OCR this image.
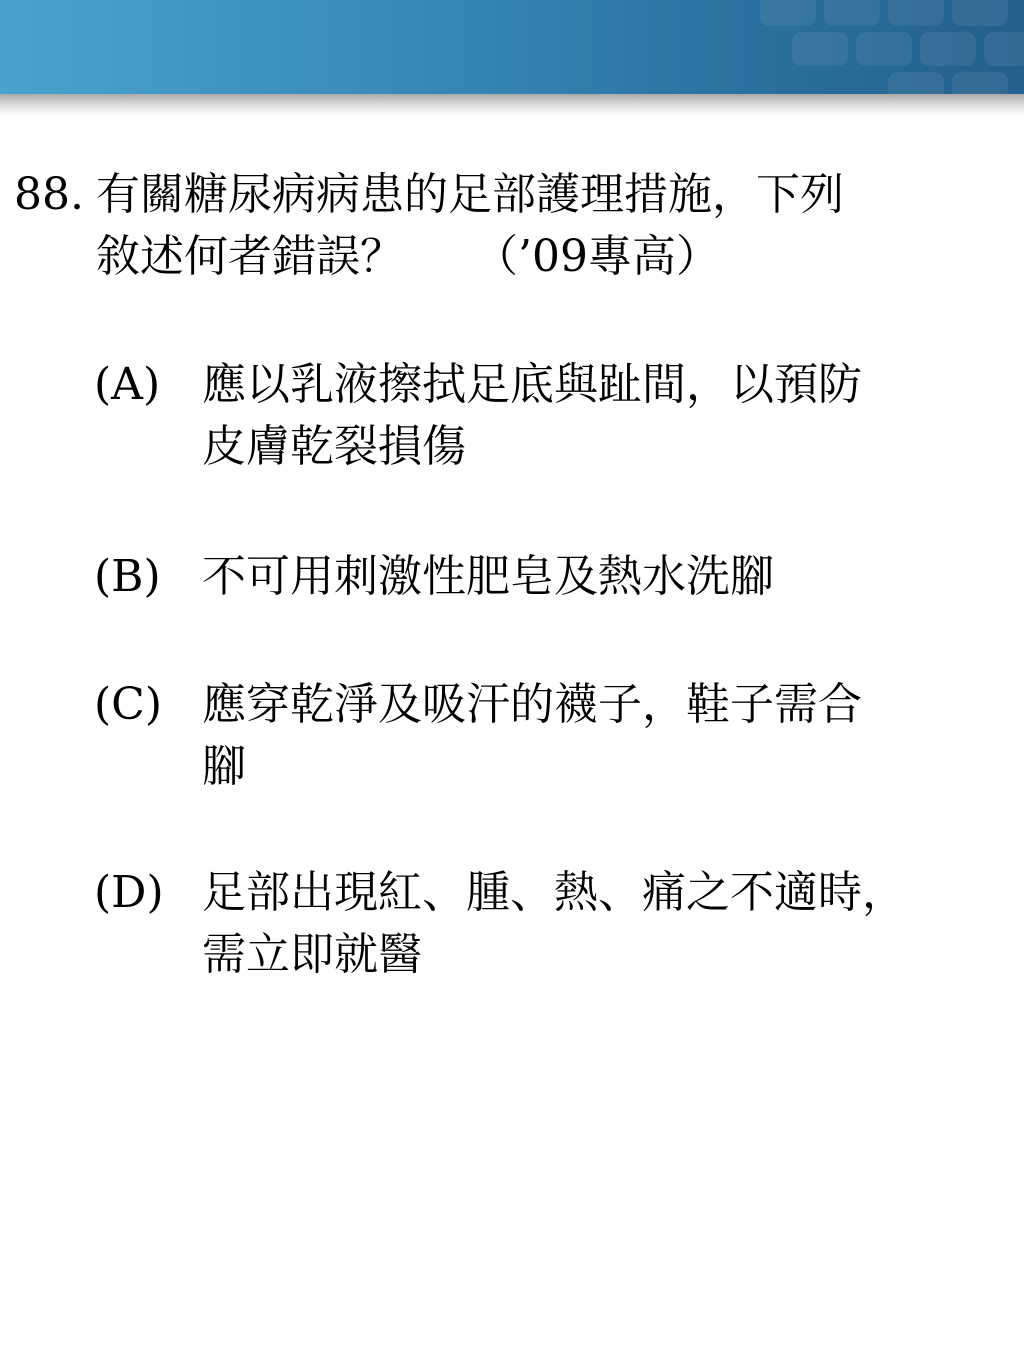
88. 有關糖尿病病患的足部護理措施，下列
敘述何者錯誤？ （’09專高）
(A) 應以乳液擦拭足底與趾間，以預防
皮膚乾裂損傷
(B) 不可用刺激性肥皂及熱水洗腳
(C) 應穿乾淨及吸汗的襪子，鞋子需合
腳
(D) 足部出現紅、腫、熱、痛之不適時，
需立即就醫
